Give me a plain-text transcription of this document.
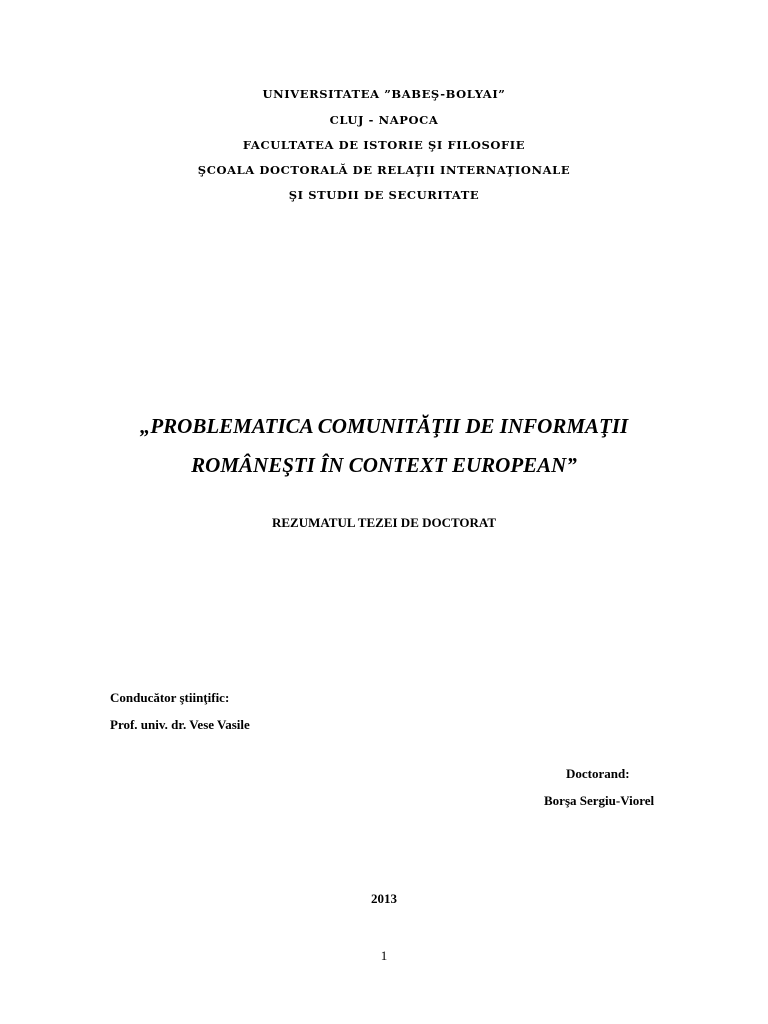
UNIVERSITATEA ”BABEŞ-BOLYAI”
CLUJ - NAPOCA
FACULTATEA DE ISTORIE ŞI FILOSOFIE
ŞCOALA DOCTORALĂ DE RELAŢII INTERNAŢIONALE
ŞI STUDII DE SECURITATE
„PROBLEMATICA COMUNITĂŢII DE INFORMAŢII
ROMÂNEŞTI ÎN CONTEXT EUROPEAN”
REZUMATUL TEZEI DE DOCTORAT
Conducător ştiinţific:
Prof. univ. dr. Vese Vasile
Doctorand:
Borşa Sergiu-Viorel
2013
1
